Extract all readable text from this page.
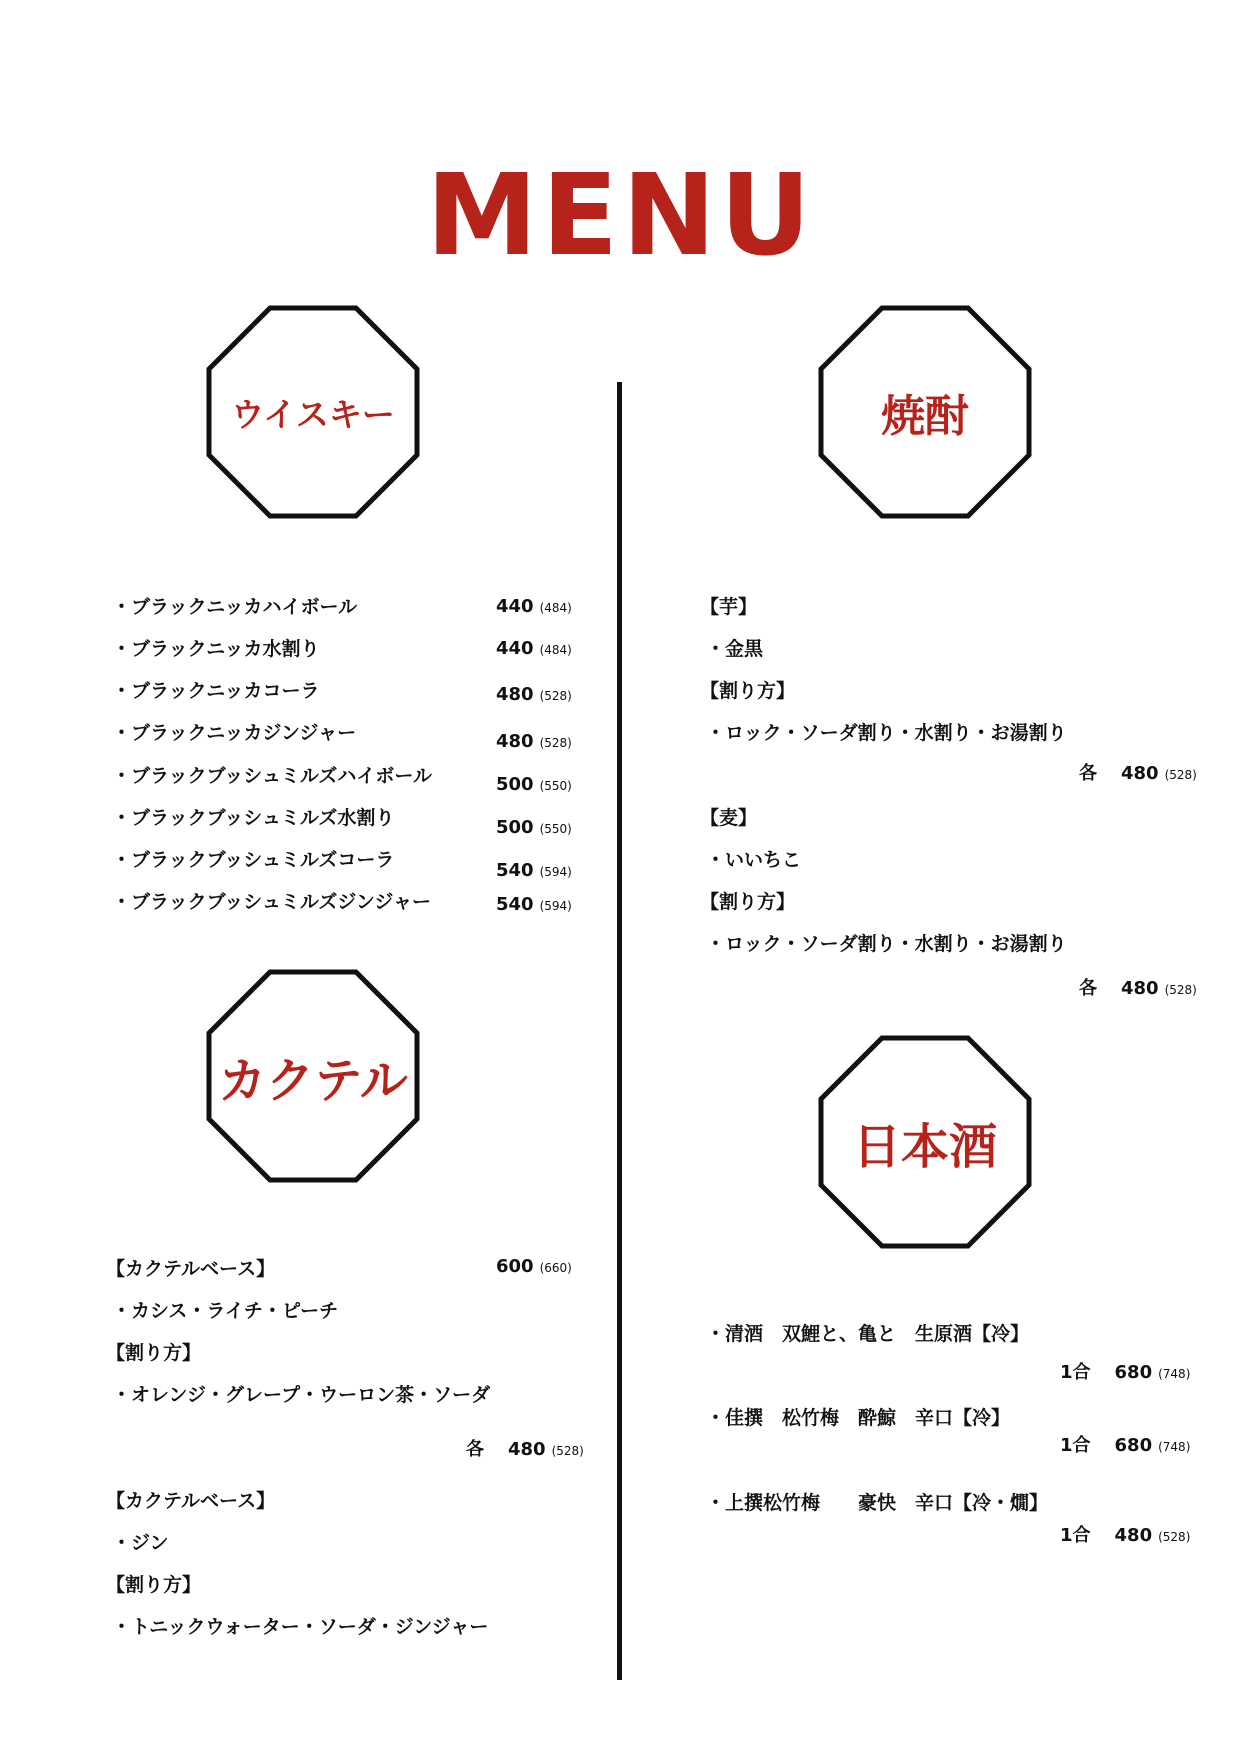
MENU
ウイスキー	焼酎
カクテル
日本酒
・ブラックニッカハイボール	440 (484)
・ブラックニッカ水割り	440 (484)
・ブラックニッカコーラ	480 (528)
・ブラックニッカジンジャー	480 (528)
・ブラックブッシュミルズハイボール	500 (550)
・ブラックブッシュミルズ水割り	500 (550)
・ブラックブッシュミルズコーラ	540 (594)
・ブラックブッシュミルズジンジャー	540 (594)
【カクテルベース】	600 (660)
・カシス・ライチ・ピーチ
【割り方】
・オレンジ・グレープ・ウーロン茶・ソーダ
各 480 (528)
【カクテルベース】
・ジン
【割り方】
・トニックウォーター・ソーダ・ジンジャー
【芋】
・金黒
【割り方】
・ロック・ソーダ割り・水割り・お湯割り
各 480 (528)
【麦】
・いいちこ
【割り方】
・ロック・ソーダ割り・水割り・お湯割り
各 480 (528)
・清酒　双鯉と、亀と　生原酒【冷】
1合 680 (748)
・佳撰　松竹梅　酔鯨　辛口【冷】
1合 680 (748)
・上撰松竹梅　　豪快　辛口【冷・燗】
1合 480 (528)
